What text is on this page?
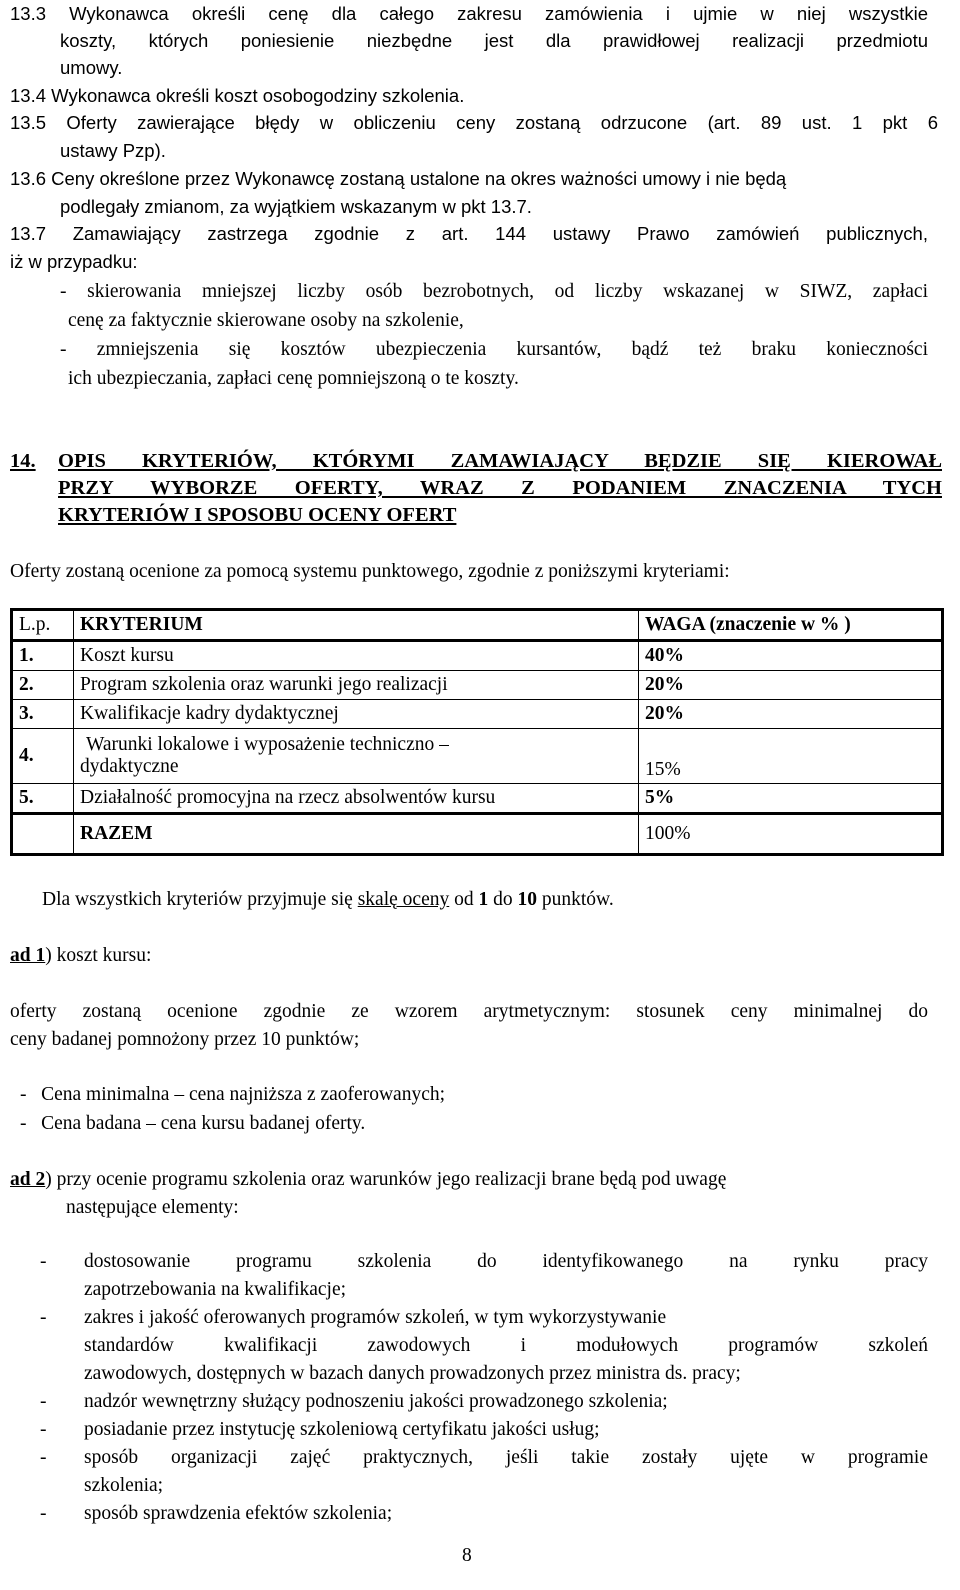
13.3 Wykonawca określi cenę dla całego zakresu zamówienia i ujmie w niej wszystkie
koszty, których poniesienie niezbędne jest dla prawidłowej realizacji przedmiotu
umowy.
13.4 Wykonawca określi koszt osobogodziny szkolenia.
13.5 Oferty zawierające błędy w obliczeniu ceny zostaną odrzucone (art. 89 ust. 1 pkt 6
ustawy Pzp).
13.6 Ceny określone przez Wykonawcę zostaną ustalone na okres ważności umowy i nie będą
podlegały zmianom, za wyjątkiem wskazanym w pkt 13.7.
13.7 Zamawiający zastrzega zgodnie z art. 144 ustawy Prawo zamówień publicznych,
iż w przypadku:
- skierowania mniejszej liczby osób bezrobotnych, od liczby wskazanej w SIWZ, zapłaci
cenę za faktycznie skierowane osoby na szkolenie,
- zmniejszenia się kosztów ubezpieczenia kursantów, bądź też braku konieczności
ich ubezpieczania, zapłaci cenę pomniejszoną o te koszty.
14. OPIS KRYTERIÓW, KTÓRYMI ZAMAWIAJĄCY BĘDZIE SIĘ KIEROWAŁ
PRZY WYBORZE OFERTY, WRAZ Z PODANIEM ZNACZENIA TYCH
KRYTERIÓW I SPOSOBU OCENY OFERT
Oferty zostaną ocenione za pomocą systemu punktowego, zgodnie z poniższymi kryteriami:
L.p.	KRYTERIUM	WAGA (znaczenie w % )
1.	Koszt kursu	40%
2.	Program szkolenia oraz warunki jego realizacji	20%
3.	Kwalifikacje kadry dydaktycznej	20%
4.	Warunki lokalowe i wyposażenie techniczno –
dydaktyczne	15%
5.	Działalność promocyjna na rzecz absolwentów kursu	5%
	RAZEM	100%
Dla wszystkich kryteriów przyjmuje się skalę oceny od 1 do 10 punktów.
ad 1) koszt kursu:
oferty zostaną ocenione zgodnie ze wzorem arytmetycznym: stosunek ceny minimalnej do
ceny badanej pomnożony przez 10 punktów;
-   Cena minimalna – cena najniższa z zaoferowanych;
-   Cena badana – cena kursu badanej oferty.
ad 2) przy ocenie programu szkolenia oraz warunków jego realizacji brane będą pod uwagę
następujące elementy:
- dostosowanie programu szkolenia do identyfikowanego na rynku pracy
zapotrzebowania na kwalifikacje;
- zakres i jakość oferowanych programów szkoleń, w tym wykorzystywanie
standardów kwalifikacji zawodowych i modułowych programów szkoleń
zawodowych, dostępnych w bazach danych prowadzonych przez ministra ds. pracy;
- nadzór wewnętrzny służący podnoszeniu jakości prowadzonego szkolenia;
- posiadanie przez instytucję szkoleniową certyfikatu jakości usług;
- sposób organizacji zajęć praktycznych, jeśli takie zostały ujęte w programie
szkolenia;
- sposób sprawdzenia efektów szkolenia;
8
